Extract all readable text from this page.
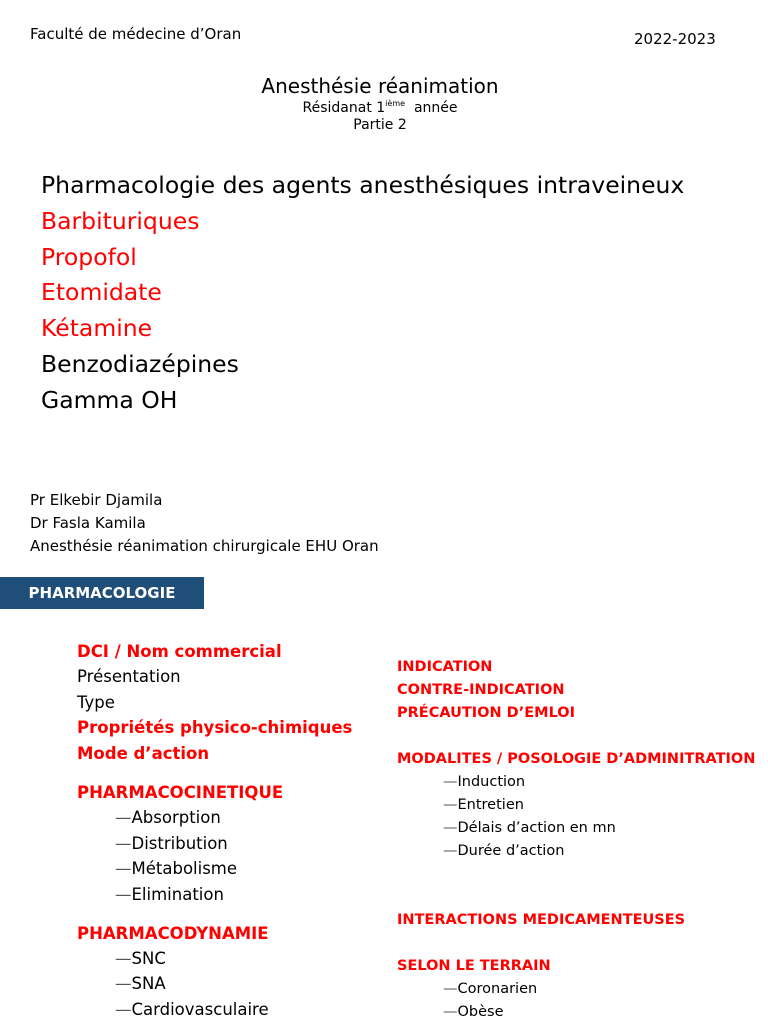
Faculté de médecine d’Oran	2022-2023
Anesthésie réanimation
Résidanat 1ième année
Partie 2
Pharmacologie des agents anesthésiques intraveineux
Barbituriques
Propofol
Etomidate
Kétamine
Benzodiazépines
Gamma OH
Pr Elkebir Djamila
Dr Fasla Kamila
Anesthésie réanimation chirurgicale EHU Oran
PHARMACOLOGIE
DCI / Nom commercial
Présentation
Type
Propriétés physico-chimiques
Mode d’action
PHARMACOCINETIQUE
— Absorption
— Distribution
— Métabolisme
— Elimination
PHARMACODYNAMIE
— SNC
— SNA
— Cardiovasculaire
INDICATION
CONTRE-INDICATION
PRÉCAUTION D’EMLOI
MODALITES / POSOLOGIE D’ADMINITRATION
— Induction
— Entretien
— Délais d’action en mn
— Durée d’action
INTERACTIONS MEDICAMENTEUSES
SELON LE TERRAIN
— Coronarien
— Obèse
